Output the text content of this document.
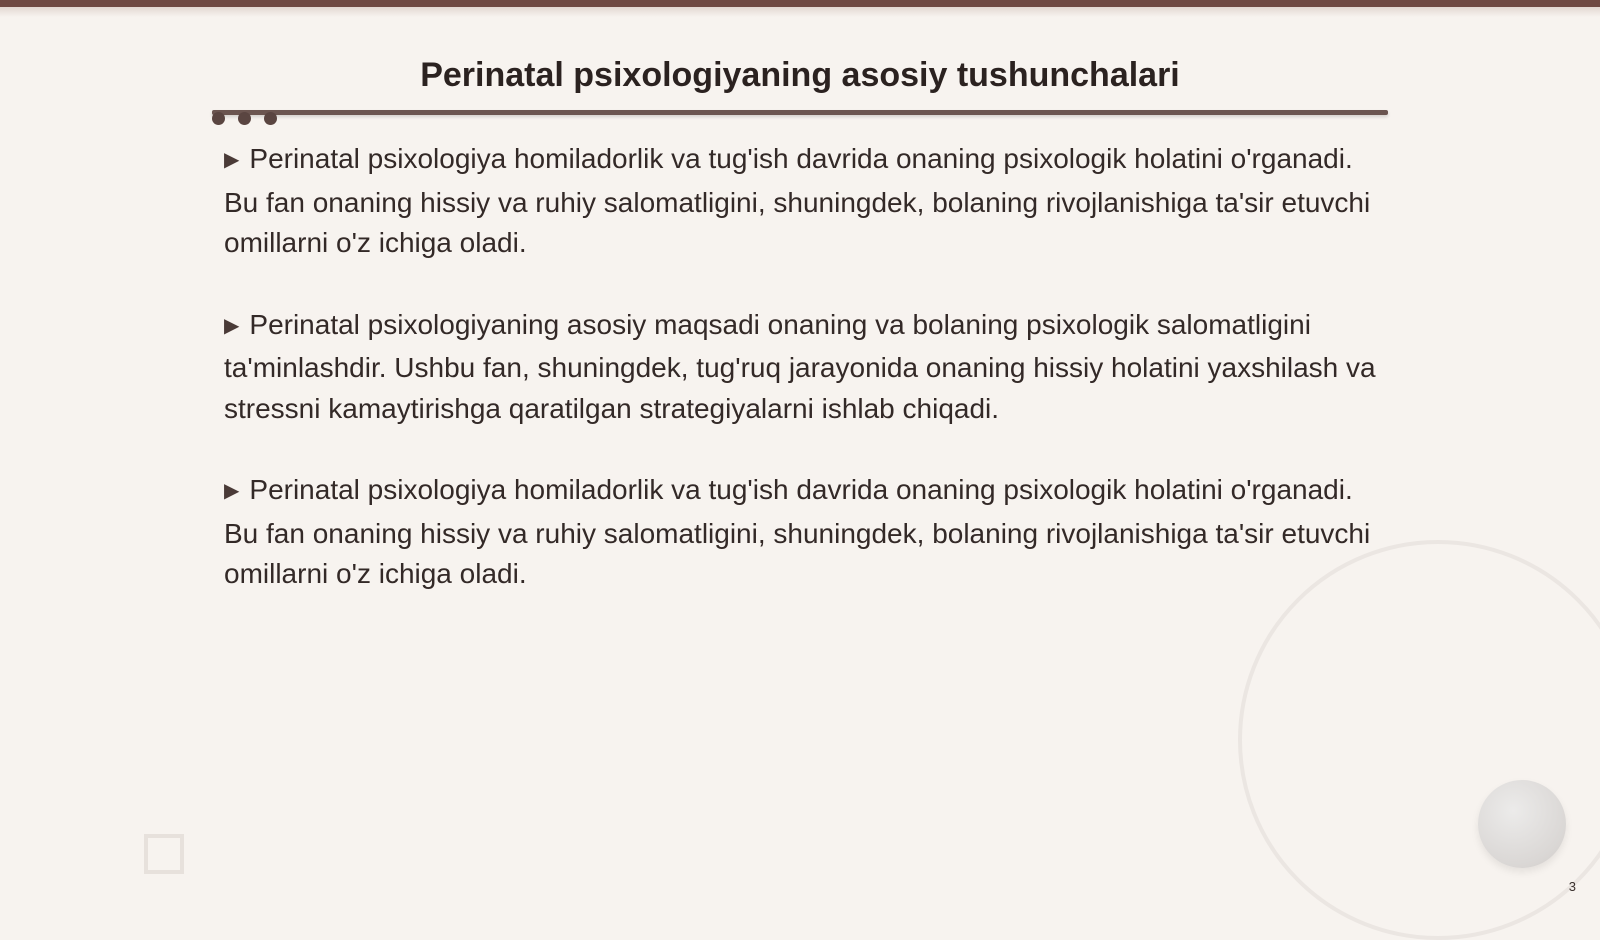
Perinatal psixologiyaning asosiy tushunchalari

▶ Perinatal psixologiya homiladorlik va tug'ish davrida onaning psixologik holatini o'rganadi. Bu fan onaning hissiy va ruhiy salomatligini, shuningdek, bolaning rivojlanishiga ta'sir etuvchi omillarni o'z ichiga oladi.

▶ Perinatal psixologiyaning asosiy maqsadi onaning va bolaning psixologik salomatligini ta'minlashdir. Ushbu fan, shuningdek, tug'ruq jarayonida onaning hissiy holatini yaxshilash va stressni kamaytirishga qaratilgan strategiyalarni ishlab chiqadi.

▶ Perinatal psixologiya homiladorlik va tug'ish davrida onaning psixologik holatini o'rganadi. Bu fan onaning hissiy va ruhiy salomatligini, shuningdek, bolaning rivojlanishiga ta'sir etuvchi omillarni o'z ichiga oladi.

3
